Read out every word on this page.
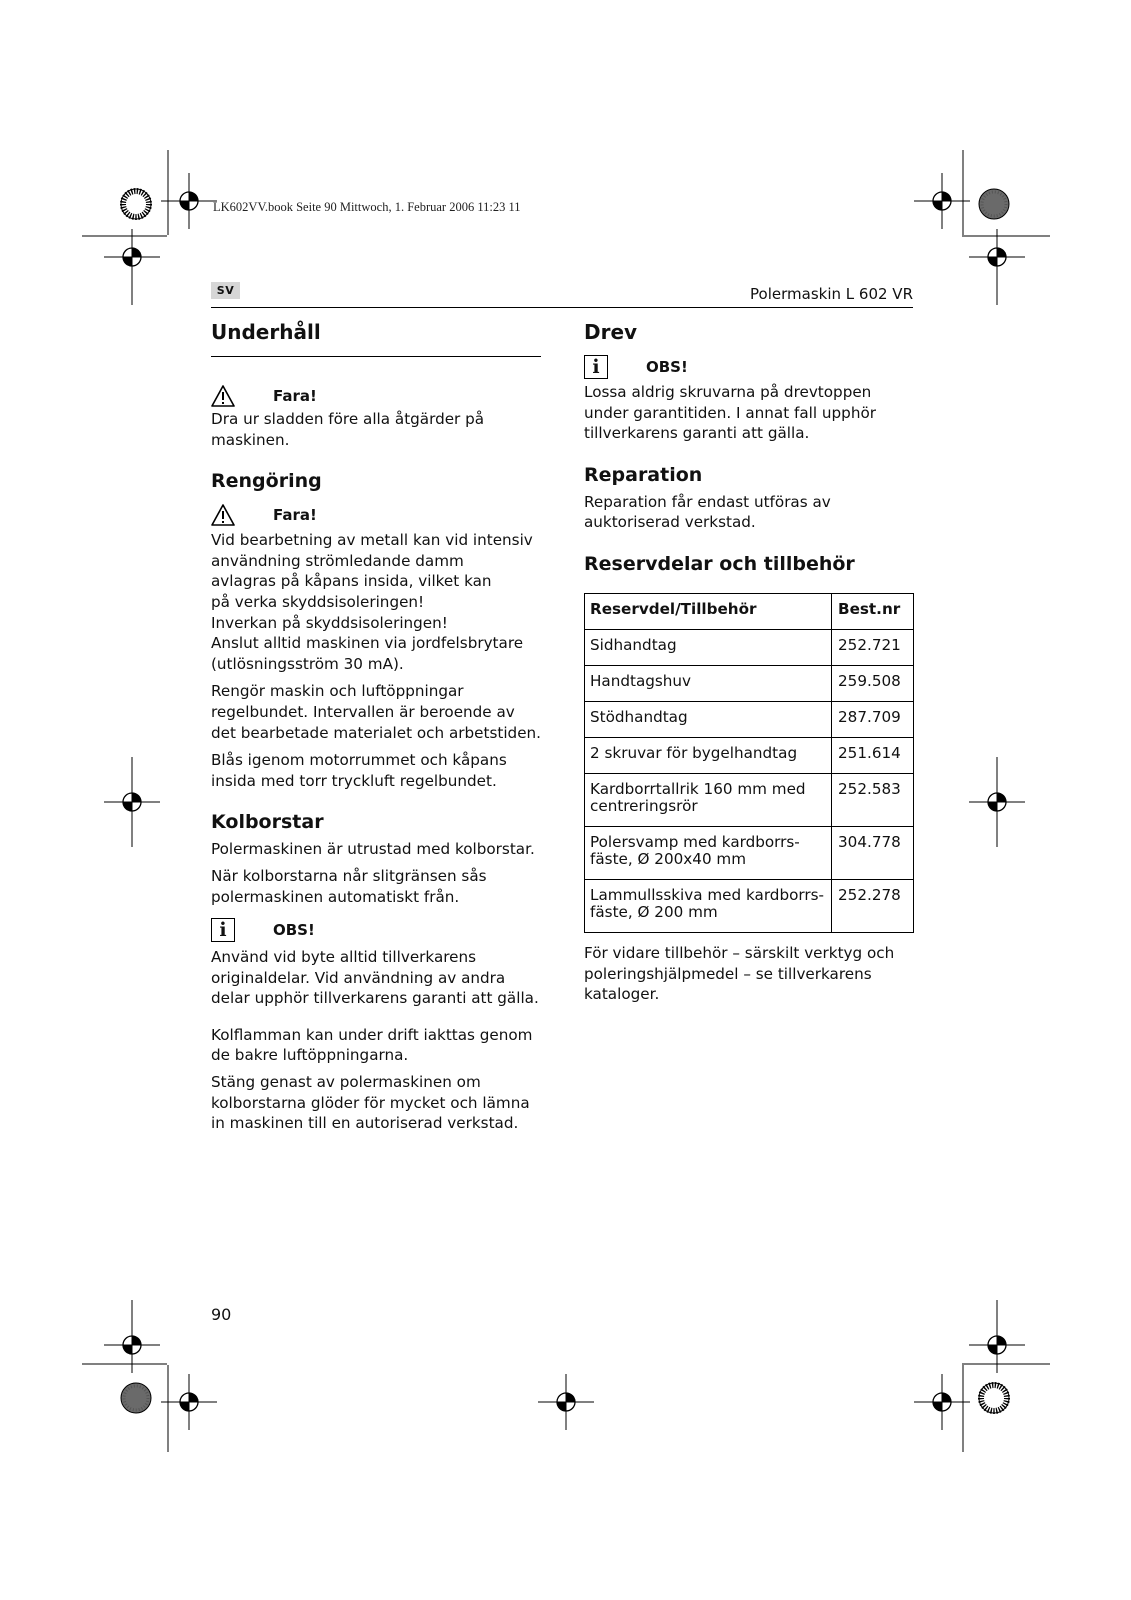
LK602VV.book Seite 90 Mittwoch, 1. Februar 2006 11:23 11
SV	Polermaskin L 602 VR
Underhåll
Fara!

Dra ur sladden före alla åtgärder på maskinen.

Rengöring
Fara!

Vid bearbetning av metall kan vid intensiv

användning strömledande damm

avlagras på kåpans insida, vilket kan

på verka skyddsisoleringen!

Inverkan på skyddsisoleringen!

Anslut alltid maskinen via jordfelsbrytare

(utlösningsström 30 mA).

Rengör maskin och luftöppningar regelbundet. Intervallen är beroende av det bearbetade materialet och arbetstiden.

Blås igenom motorrummet och kåpans insida med torr tryckluft regelbundet.

Kolborstar

Polermaskinen är utrustad med kolborstar.

När kolborstarna når slitgränsen sås polermaskinen automatiskt från.

i	OBS!

Använd vid byte alltid tillverkarens originaldelar. Vid användning av andra delar upphör tillverkarens garanti att gälla.

Kolflamman kan under drift iakttas genom de bakre luftöppningarna.

Stäng genast av polermaskinen om

kolborstarna glöder för mycket och lämna

in maskinen till en autoriserad verkstad.

Drev
i	OBS!

Lossa aldrig skruvarna på drevtoppen under garantitiden. I annat fall upphör tillverkarens garanti att gälla.

Reparation

Reparation får endast utföras av auktoriserad verkstad.

Reservdelar och tillbehör
Reservdel/Tillbehör	Best.nr
Sidhandtag	252.721
Handtagshuv	259.508
Stödhandtag	287.709
2 skruvar för bygelhandtag	251.614
Kardborrtallrik 160 mm med centreringsrör	252.583
Polersvamp med kardborrs-fäste, Ø 200x40 mm	304.778
Lammullsskiva med kardborrs-fäste, Ø 200 mm	252.278

För vidare tillbehör – särskilt verktyg och poleringshjälpmedel – se tillverkarens kataloger.

90
